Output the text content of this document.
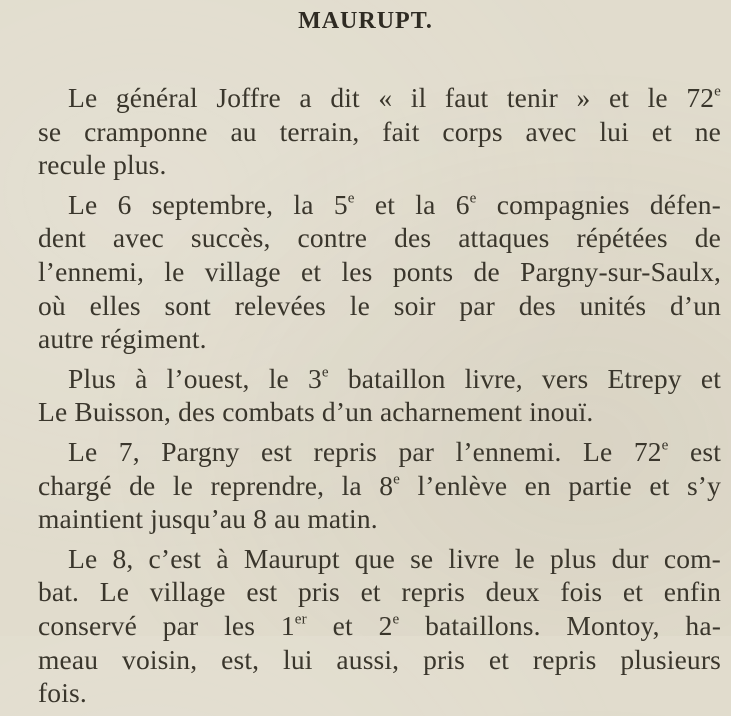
MAURUPT.
Le général Joffre a dit « il faut tenir » et le 72e
se cramponne au terrain, fait corps avec lui et ne
recule plus.
Le 6 septembre, la 5e et la 6e compagnies défen-
dent avec succès, contre des attaques répétées de
l’ennemi, le village et les ponts de Pargny-sur-Saulx,
où elles sont relevées le soir par des unités d’un
autre régiment.
Plus à l’ouest, le 3e bataillon livre, vers Etrepy et
Le Buisson, des combats d’un acharnement inouï.
Le 7, Pargny est repris par l’ennemi. Le 72e est
chargé de le reprendre, la 8e l’enlève en partie et s’y
maintient jusqu’au 8 au matin.
Le 8, c’est à Maurupt que se livre le plus dur com-
bat. Le village est pris et repris deux fois et enfin
conservé par les 1er et 2e bataillons. Montoy, ha-
meau voisin, est, lui aussi, pris et repris plusieurs
fois.
